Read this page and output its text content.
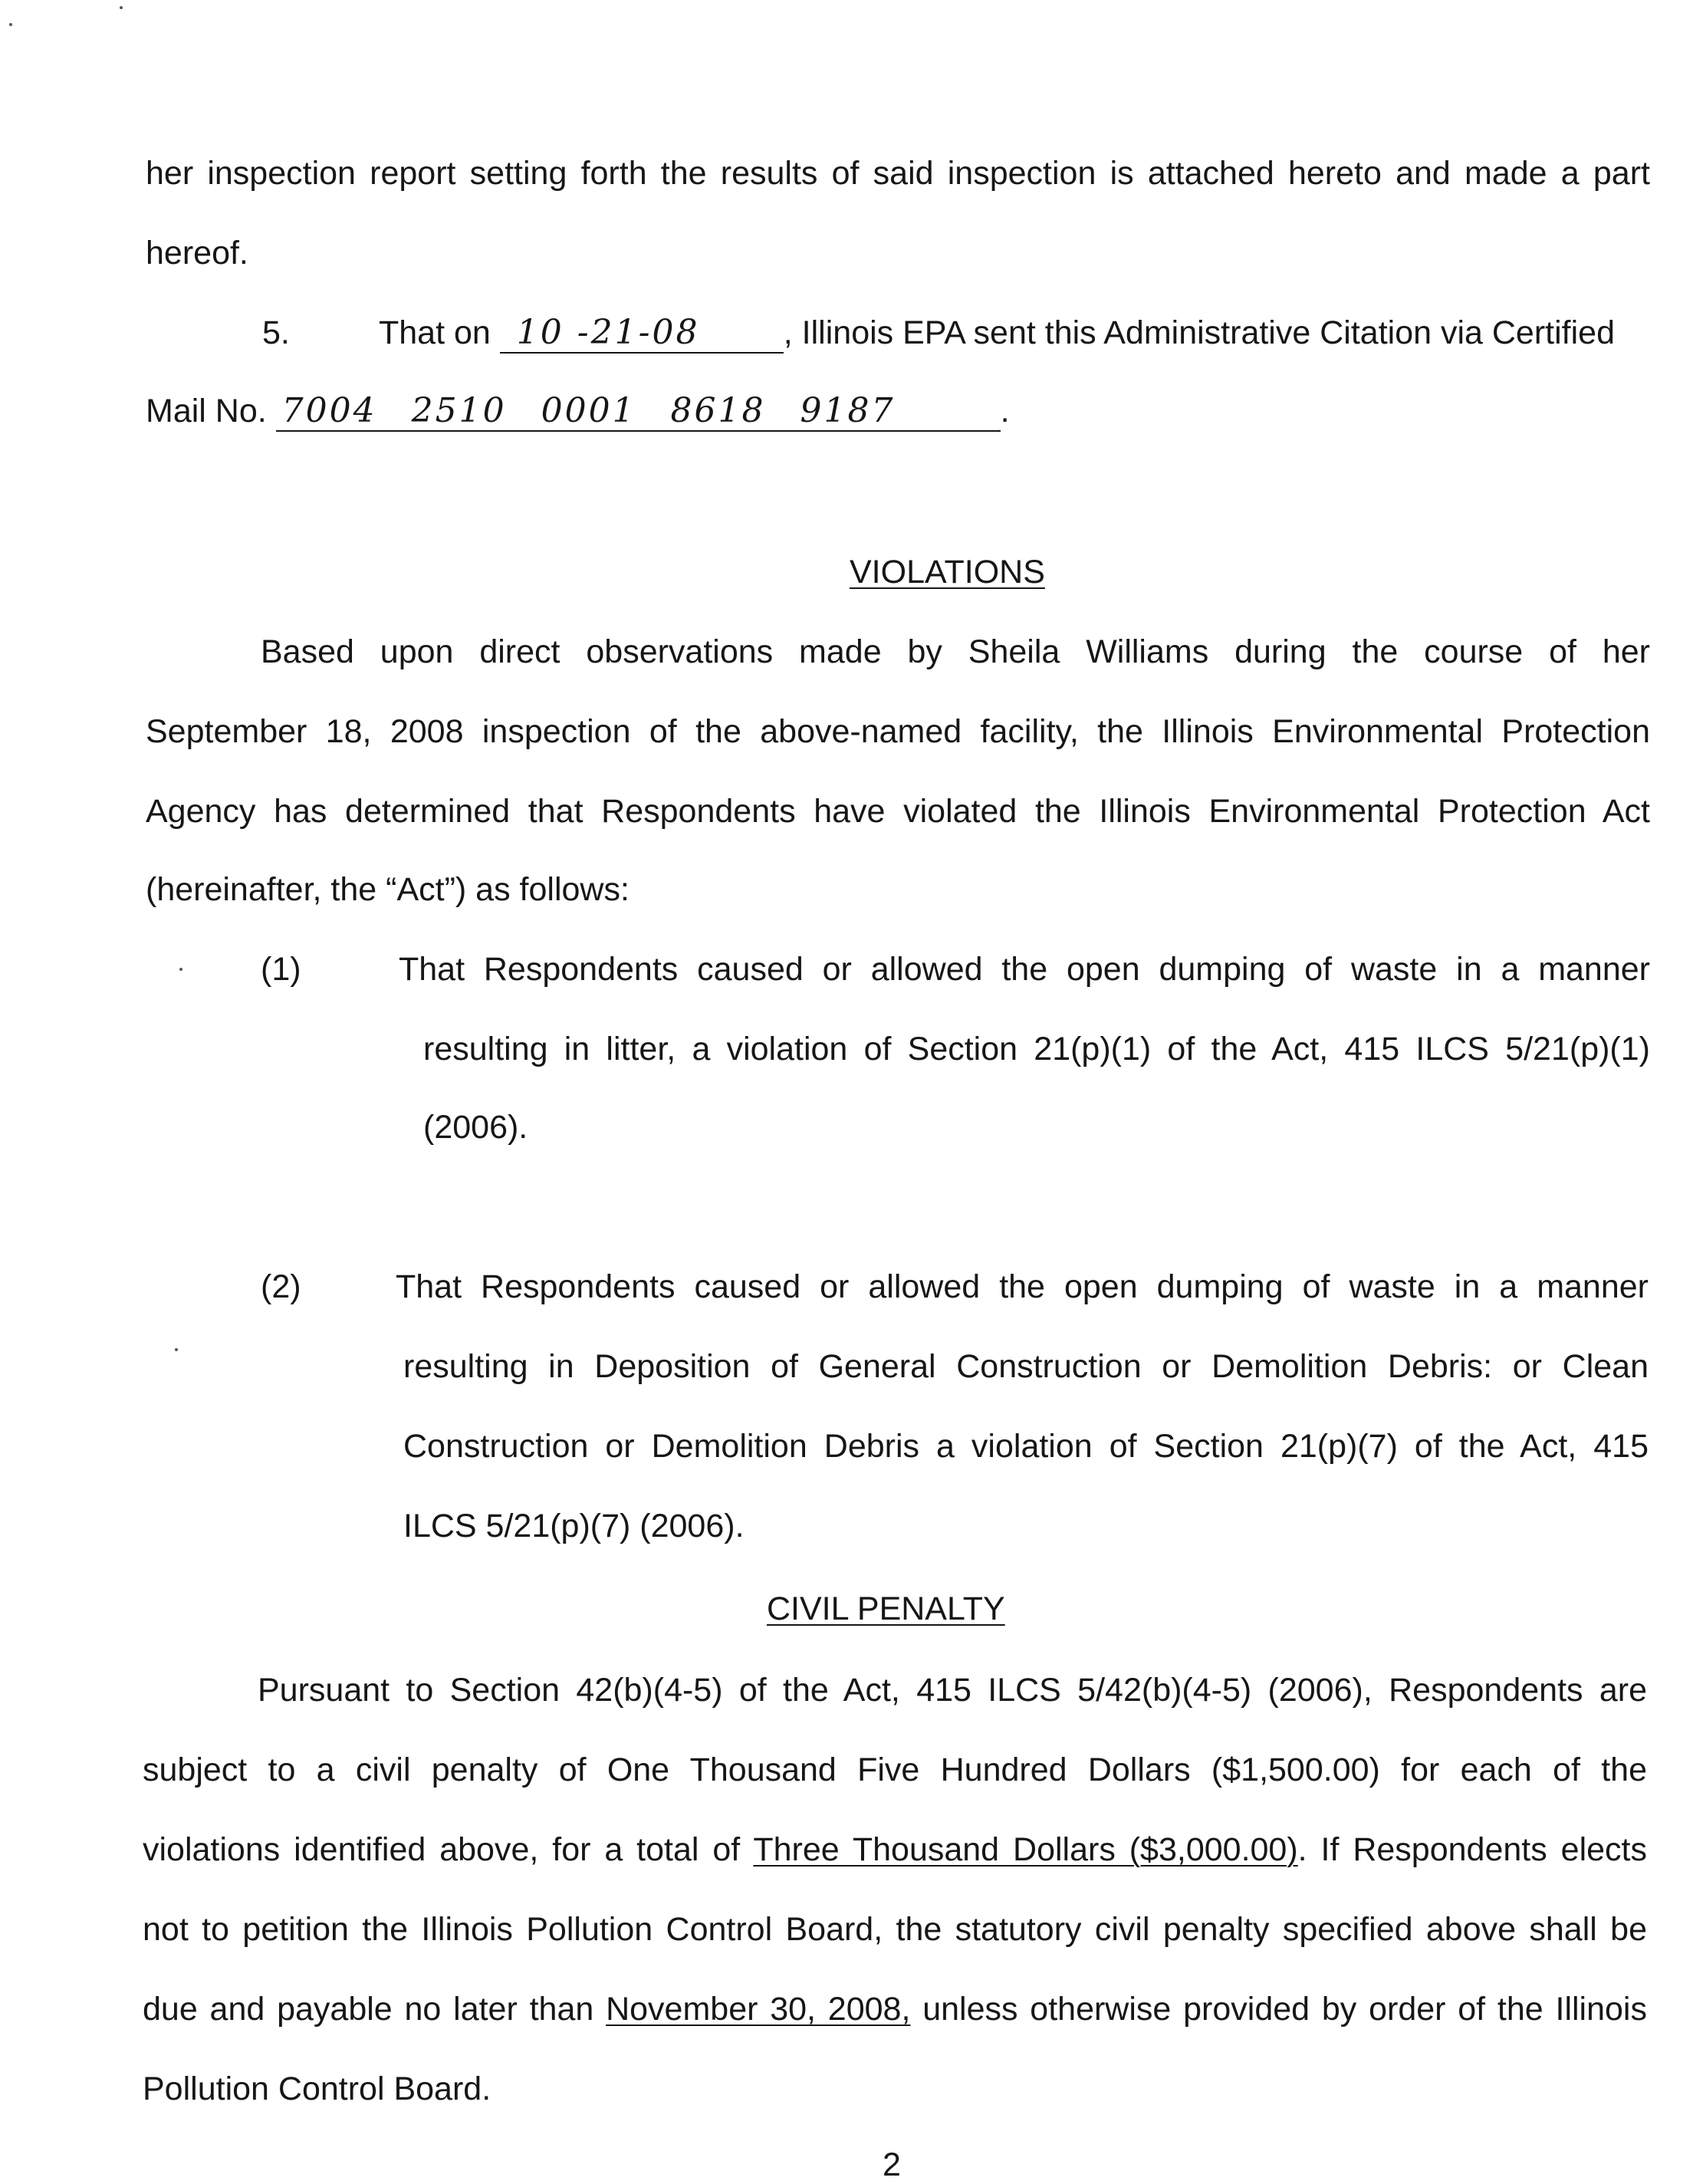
her inspection report setting forth the results of said inspection is attached hereto and made a part
hereof.
5.	That on 10 -21-08	, Illinois EPA sent this Administrative Citation via Certified
Mail No. 7004 2510 0001 8618 9187	.
VIOLATIONS
Based upon direct observations made by Sheila Williams during the course of her
September 18, 2008 inspection of the above-named facility, the Illinois Environmental Protection
Agency has determined that Respondents have violated the Illinois Environmental Protection Act
(hereinafter, the “Act”) as follows:
(1)	That Respondents caused or allowed the open dumping of waste in a manner
resulting in litter, a violation of Section 21(p)(1) of the Act, 415 ILCS 5/21(p)(1)
(2006).
(2)	That Respondents caused or allowed the open dumping of waste in a manner
resulting in Deposition of General Construction or Demolition Debris: or Clean
Construction or Demolition Debris a violation of Section 21(p)(7) of the Act, 415
ILCS 5/21(p)(7) (2006).
CIVIL PENALTY
Pursuant to Section 42(b)(4-5) of the Act, 415 ILCS 5/42(b)(4-5) (2006), Respondents are
subject to a civil penalty of One Thousand Five Hundred Dollars ($1,500.00) for each of the
violations identified above, for a total of Three Thousand Dollars ($3,000.00). If Respondents elects
not to petition the Illinois Pollution Control Board, the statutory civil penalty specified above shall be
due and payable no later than November 30, 2008, unless otherwise provided by order of the Illinois
Pollution Control Board.
2
